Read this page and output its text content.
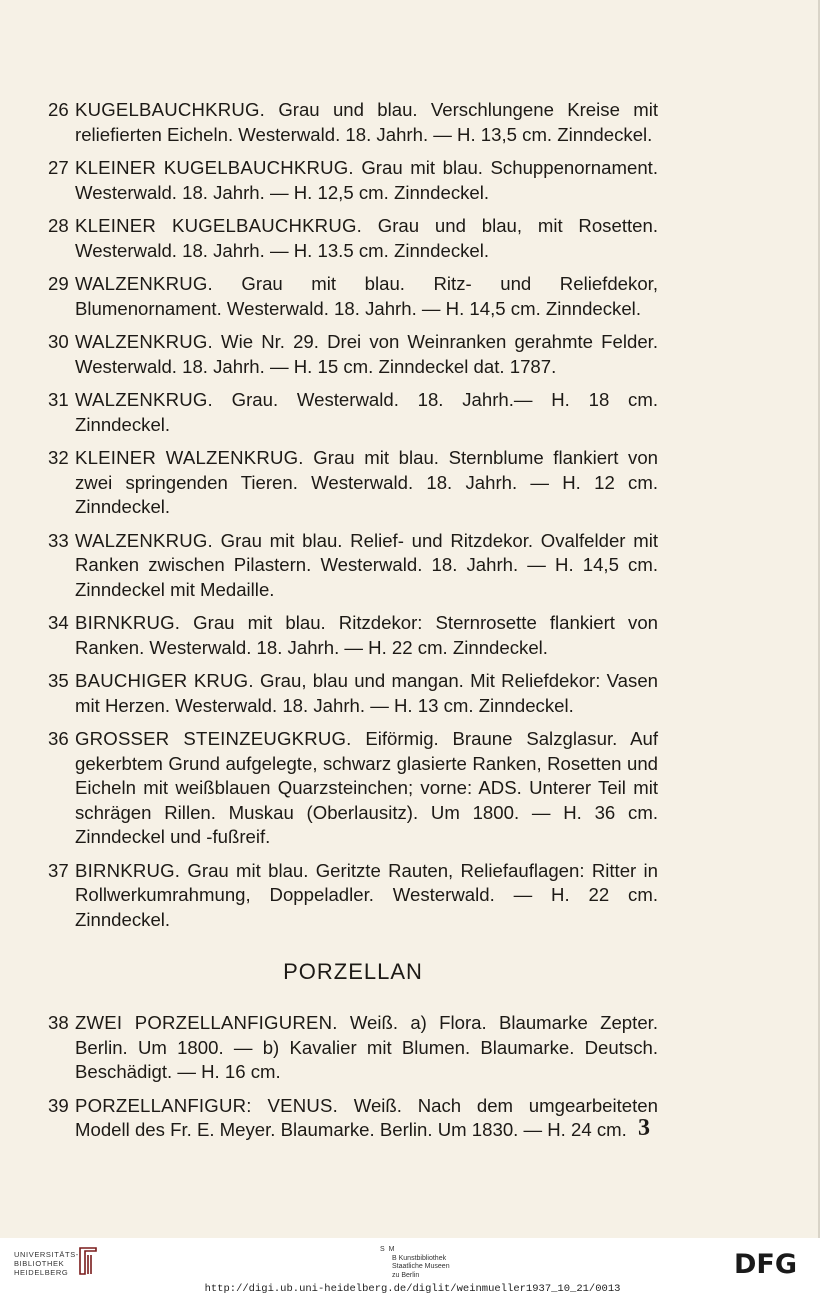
26 KUGELBAUCHKRUG. Grau und blau. Verschlungene Kreise mit reliefierten Eicheln. Westerwald. 18. Jahrh. — H. 13,5 cm. Zinndeckel.
27 KLEINER KUGELBAUCHKRUG. Grau mit blau. Schuppenornament. Westerwald. 18. Jahrh. — H. 12,5 cm. Zinndeckel.
28 KLEINER KUGELBAUCHKRUG. Grau und blau, mit Rosetten. Westerwald. 18. Jahrh. — H. 13.5 cm. Zinndeckel.
29 WALZENKRUG. Grau mit blau. Ritz- und Reliefdekor, Blumenornament. Westerwald. 18. Jahrh. — H. 14,5 cm. Zinndeckel.
30 WALZENKRUG. Wie Nr. 29. Drei von Weinranken gerahmte Felder. Westerwald. 18. Jahrh. — H. 15 cm. Zinndeckel dat. 1787.
31 WALZENKRUG. Grau. Westerwald. 18. Jahrh.— H. 18 cm. Zinndeckel.
32 KLEINER WALZENKRUG. Grau mit blau. Sternblume flankiert von zwei springenden Tieren. Westerwald. 18. Jahrh. — H. 12 cm. Zinndeckel.
33 WALZENKRUG. Grau mit blau. Relief- und Ritzdekor. Ovalfelder mit Ranken zwischen Pilastern. Westerwald. 18. Jahrh. — H. 14,5 cm. Zinndeckel mit Medaille.
34 BIRNKRUG. Grau mit blau. Ritzdekor: Sternrosette flankiert von Ranken. Westerwald. 18. Jahrh. — H. 22 cm. Zinndeckel.
35 BAUCHIGER KRUG. Grau, blau und mangan. Mit Reliefdekor: Vasen mit Herzen. Westerwald. 18. Jahrh. — H. 13 cm. Zinndeckel.
36 GROSSER STEINZEUGKRUG. Eiförmig. Braune Salzglasur. Auf gekerbtem Grund aufgelegte, schwarz glasierte Ranken, Rosetten und Eicheln mit weißblauen Quarzsteinchen; vorne: ADS. Unterer Teil mit schrägen Rillen. Muskau (Oberlausitz). Um 1800. — H. 36 cm. Zinndeckel und -fußreif.
37 BIRNKRUG. Grau mit blau. Geritzte Rauten, Reliefauflagen: Ritter in Rollwerkumrahmung, Doppeladler. Westerwald. — H. 22 cm. Zinndeckel.
PORZELLAN
38 ZWEI PORZELLANFIGUREN. Weiß. a) Flora. Blaumarke Zepter. Berlin. Um 1800. — b) Kavalier mit Blumen. Blaumarke. Deutsch. Beschädigt. — H. 16 cm.
39 PORZELLANFIGUR: VENUS. Weiß. Nach dem umgearbeiteten Modell des Fr. E. Meyer. Blaumarke. Berlin. Um 1830. — H. 24 cm. 3
UNIVERSITÄTS-
BIBLIOTHEK
HEIDELBERG
S M
B Kunstbibliothek
Staatliche Museen
zu Berlin	DFG
http://digi.ub.uni-heidelberg.de/diglit/weinmueller1937_10_21/0013
